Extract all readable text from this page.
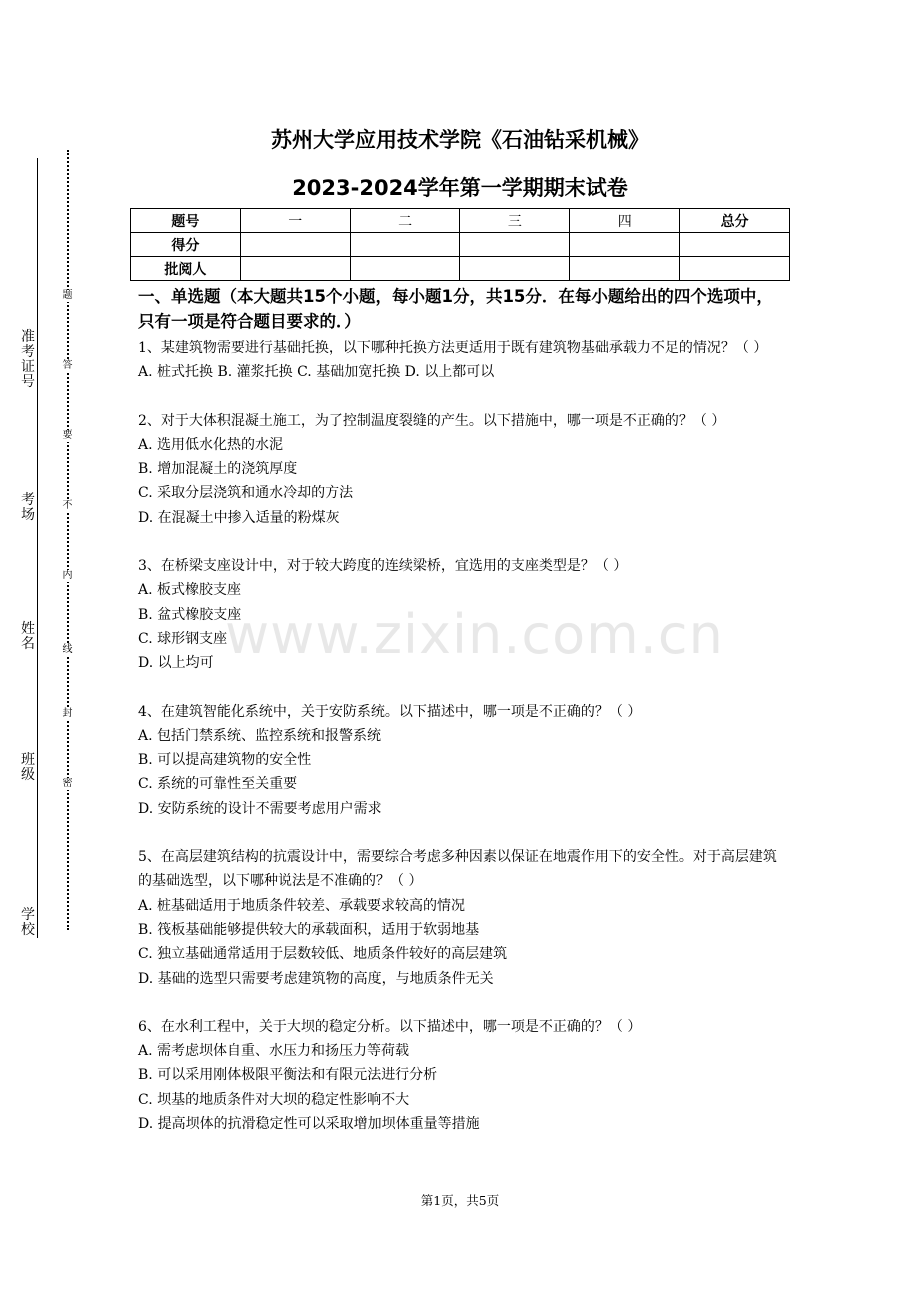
准考证号
考场
姓名
班级
学校
题
答
要
不
内
线
封
密
苏州大学应用技术学院《石油钻采机械》
2023-2024学年第一学期期末试卷
题号	一	二	三	四	总分
得分					
批阅人					
一、单选题（本大题共15个小题，每小题1分，共15分．在每小题给出的四个选项中，只有一项是符合题目要求的．）

1、某建筑物需要进行基础托换，以下哪种托换方法更适用于既有建筑物基础承载力不足的情况？（ ）

A. 桩式托换 B. 灌浆托换 C. 基础加宽托换 D. 以上都可以

2、对于大体积混凝土施工，为了控制温度裂缝的产生。以下措施中，哪一项是不正确的？（ ）

A. 选用低水化热的水泥

B. 增加混凝土的浇筑厚度

C. 采取分层浇筑和通水冷却的方法

D. 在混凝土中掺入适量的粉煤灰

3、在桥梁支座设计中，对于较大跨度的连续梁桥，宜选用的支座类型是？（ ）

A. 板式橡胶支座

B. 盆式橡胶支座

C. 球形钢支座

D. 以上均可

4、在建筑智能化系统中，关于安防系统。以下描述中，哪一项是不正确的？（ ）

A. 包括门禁系统、监控系统和报警系统

B. 可以提高建筑物的安全性

C. 系统的可靠性至关重要

D. 安防系统的设计不需要考虑用户需求

5、在高层建筑结构的抗震设计中，需要综合考虑多种因素以保证在地震作用下的安全性。对于高层建筑的基础选型，以下哪种说法是不准确的？（ ）

A. 桩基础适用于地质条件较差、承载要求较高的情况

B. 筏板基础能够提供较大的承载面积，适用于软弱地基

C. 独立基础通常适用于层数较低、地质条件较好的高层建筑

D. 基础的选型只需要考虑建筑物的高度，与地质条件无关

6、在水利工程中，关于大坝的稳定分析。以下描述中，哪一项是不正确的？（ ）

A. 需考虑坝体自重、水压力和扬压力等荷载

B. 可以采用刚体极限平衡法和有限元法进行分析

C. 坝基的地质条件对大坝的稳定性影响不大

D. 提高坝体的抗滑稳定性可以采取增加坝体重量等措施

www.zixin.com.cn
第1页，共5页
